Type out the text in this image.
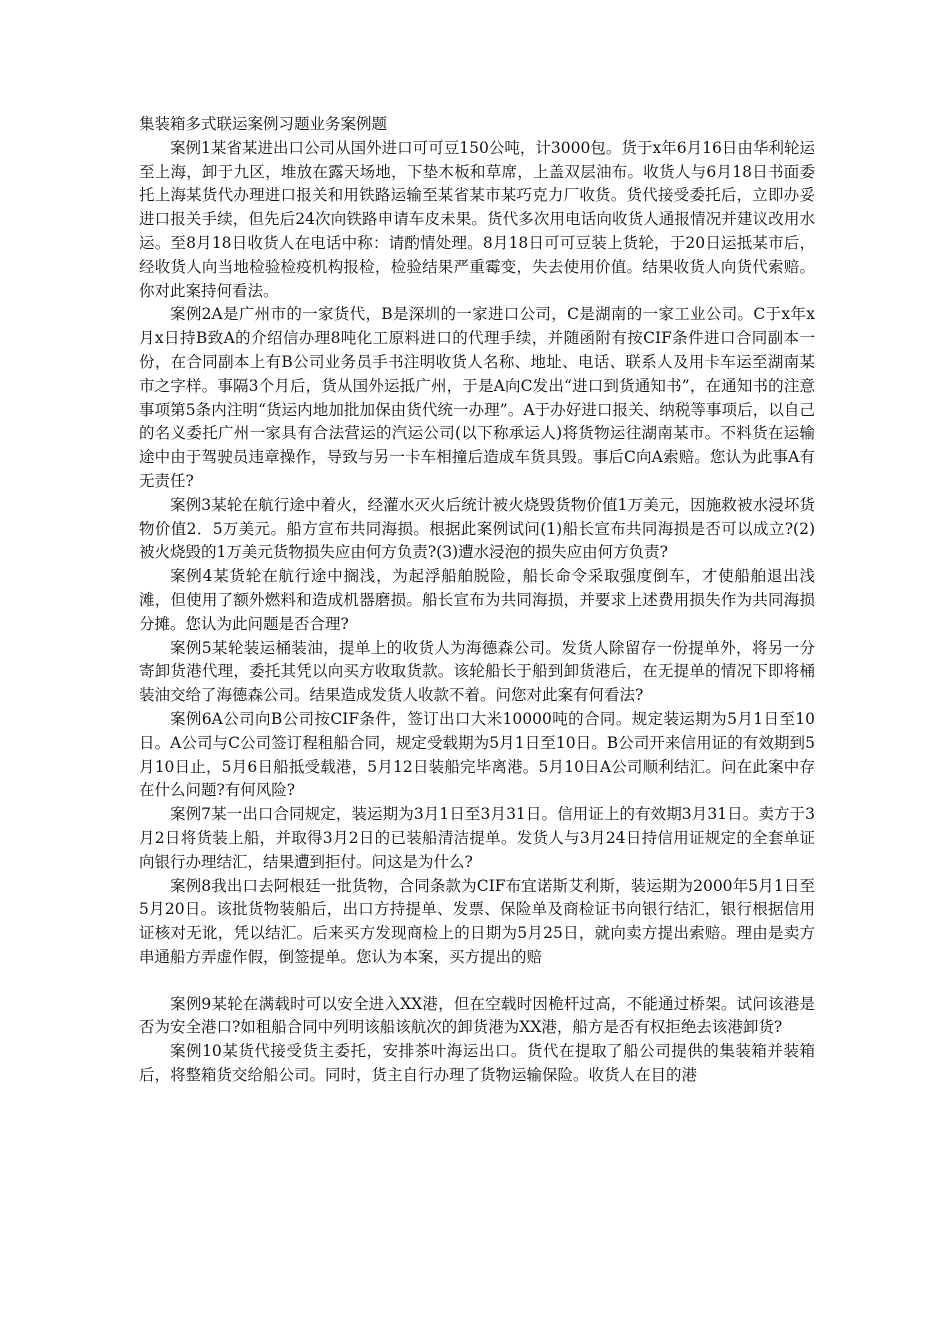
集装箱多式联运案例习题业务案例题

案例1某省某进出口公司从国外进口可可豆150公吨，计3000包。货于x年6月16日由华利轮运至上海，卸于九区，堆放在露天场地，下垫木板和草席，上盖双层油布。收货人与6月18日书面委托上海某货代办理进口报关和用铁路运输至某省某市某巧克力厂收货。货代接受委托后，立即办妥进口报关手续，但先后24次向铁路申请车皮未果。货代多次用电话向收货人通报情况并建议改用水运。至8月18日收货人在电话中称：请酌情处理。8月18日可可豆装上货轮，于20日运抵某市后，经收货人向当地检验检疫机构报检，检验结果严重霉变，失去使用价值。结果收货人向货代索赔。你对此案持何看法。

案例2A是广州市的一家货代，B是深圳的一家进口公司，C是湖南的一家工业公司。C于x年x月x日持B致A的介绍信办理8吨化工原料进口的代理手续，并随函附有按CIF条件进口合同副本一份，在合同副本上有B公司业务员手书注明收货人名称、地址、电话、联系人及用卡车运至湖南某市之字样。事隔3个月后，货从国外运抵广州，于是A向C发出“进口到货通知书”，在通知书的注意事项第5条内注明“货运内地加批加保由货代统一办理”。A于办好进口报关、纳税等事项后，以自己的名义委托广州一家具有合法营运的汽运公司(以下称承运人)将货物运往湖南某市。不料货在运输途中由于驾驶员违章操作，导致与另一卡车相撞后造成车货具毁。事后C向A索赔。您认为此事A有无责任?

案例3某轮在航行途中着火，经灌水灭火后统计被火烧毁货物价值1万美元，因施救被水浸坏货物价值2．5万美元。船方宣布共同海损。根据此案例试问(1)船长宣布共同海损是否可以成立?(2)被火烧毁的1万美元货物损失应由何方负责?(3)遭水浸泡的损失应由何方负责?

案例4某货轮在航行途中搁浅，为起浮船舶脱险，船长命令采取强度倒车，才使船舶退出浅滩，但使用了额外燃料和造成机器磨损。船长宣布为共同海损，并要求上述费用损失作为共同海损分摊。您认为此问题是否合理?

案例5某轮装运桶装油，提单上的收货人为海德森公司。发货人除留存一份提单外，将另一分寄卸货港代理，委托其凭以向买方收取货款。该轮船长于船到卸货港后，在无提单的情况下即将桶装油交给了海德森公司。结果造成发货人收款不着。问您对此案有何看法?

案例6A公司向B公司按CIF条件，签订出口大米10000吨的合同。规定装运期为5月1日至10日。A公司与C公司签订程租船合同，规定受载期为5月1日至10日。B公司开来信用证的有效期到5月10日止，5月6日船抵受载港，5月12日装船完毕离港。5月10日A公司顺利结汇。问在此案中存在什么问题?有何风险?

案例7某一出口合同规定，装运期为3月1日至3月31日。信用证上的有效期3月31日。卖方于3月2日将货装上船，并取得3月2日的已装船清洁提单。发货人与3月24日持信用证规定的全套单证向银行办理结汇，结果遭到拒付。问这是为什么?

案例8我出口去阿根廷一批货物，合同条款为CIF布宜诺斯艾利斯，装运期为2000年5月1日至5月20日。该批货物装船后，出口方持提单、发票、保险单及商检证书向银行结汇，银行根据信用证核对无讹，凭以结汇。后来买方发现商检上的日期为5月25日，就向卖方提出索赔。理由是卖方串通船方弄虚作假，倒签提单。您认为本案，买方提出的赔

案例9某轮在满载时可以安全进入XX港，但在空载时因桅杆过高，不能通过桥架。试问该港是否为安全港口?如租船合同中列明该船该航次的卸货港为XX港，船方是否有权拒绝去该港卸货?

案例10某货代接受货主委托，安排茶叶海运出口。货代在提取了船公司提供的集装箱并装箱后，将整箱货交给船公司。同时，货主自行办理了货物运输保险。收货人在目的港
